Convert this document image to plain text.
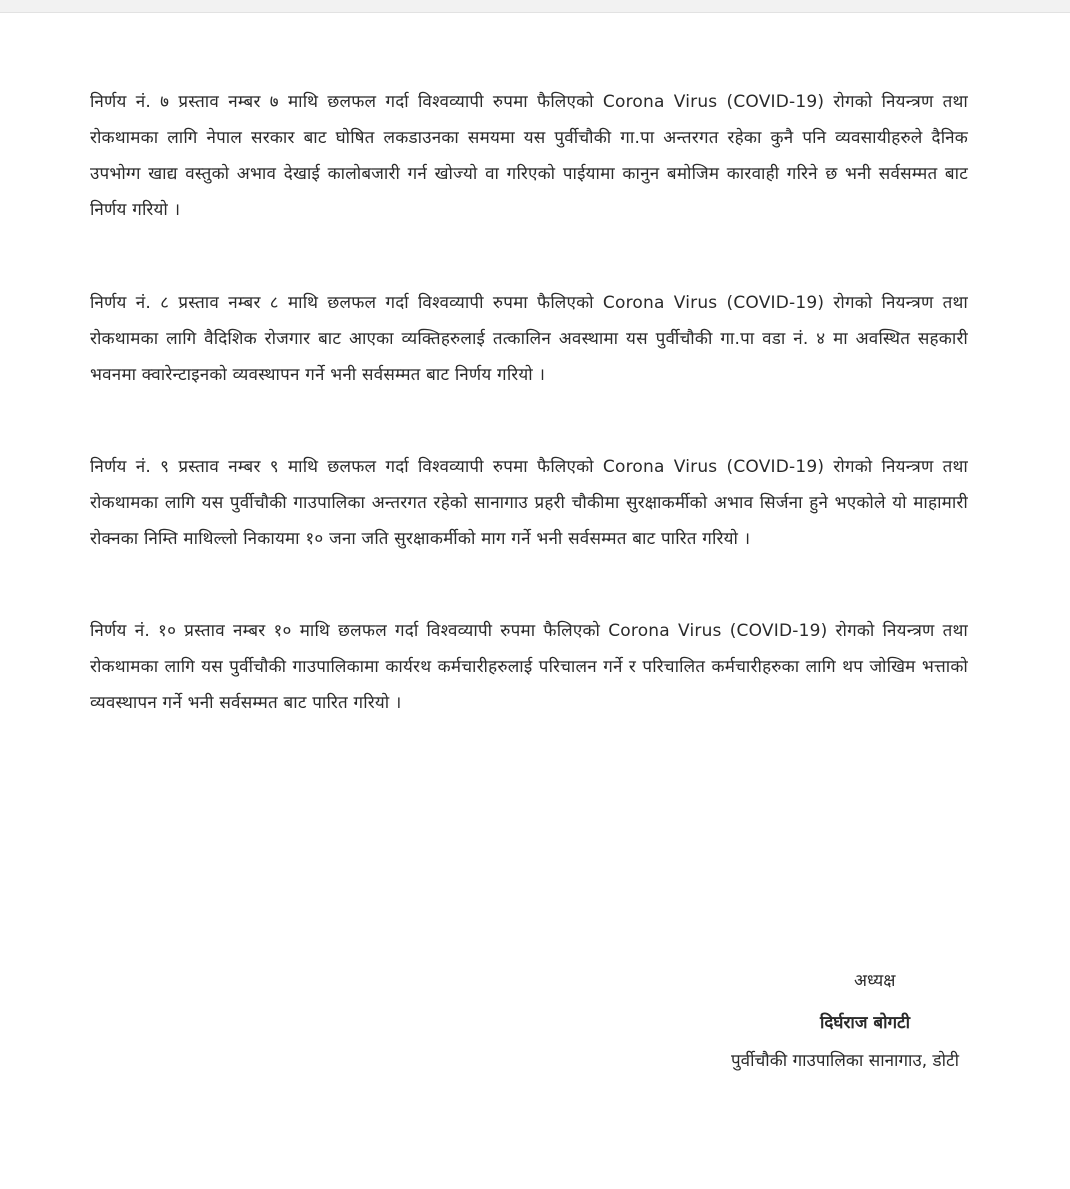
निर्णय नं. ७ प्रस्ताव नम्बर ७ माथि छलफल गर्दा विश्वव्यापी रुपमा फैलिएको Corona Virus (COVID-19) रोगको नियन्त्रण तथा रोकथामका लागि नेपाल सरकार बाट घोषित लकडाउनका समयमा यस पुर्वीचौकी गा.पा अन्तरगत रहेका कुनै पनि व्यवसायीहरुले दैनिक उपभोग्ग खाद्य वस्तुको अभाव देखाई कालोबजारी गर्न खोज्यो वा गरिएको पाईयामा कानुन बमोजिम कारवाही गरिने छ भनी सर्वसम्मत बाट निर्णय गरियो ।

निर्णय नं. ८ प्रस्ताव नम्बर ८ माथि छलफल गर्दा विश्वव्यापी रुपमा फैलिएको Corona Virus (COVID-19) रोगको नियन्त्रण तथा रोकथामका लागि वैदिशिक रोजगार बाट आएका व्यक्तिहरुलाई तत्कालिन अवस्थामा यस पुर्वीचौकी गा.पा वडा नं. ४ मा अवस्थित सहकारी भवनमा क्वारेन्टाइनको व्यवस्थापन गर्ने भनी सर्वसम्मत बाट निर्णय गरियो ।

निर्णय नं. ९ प्रस्ताव नम्बर ९ माथि छलफल गर्दा विश्वव्यापी रुपमा फैलिएको Corona Virus (COVID-19) रोगको नियन्त्रण तथा रोकथामका लागि यस पुर्वीचौकी गाउपालिका अन्तरगत रहेको सानागाउ प्रहरी चौकीमा सुरक्षाकर्मीको अभाव सिर्जना हुने भएकोले यो माहामारी रोक्नका निम्ति माथिल्लो निकायमा १० जना जति सुरक्षाकर्मीको माग गर्ने भनी सर्वसम्मत बाट पारित गरियो ।

निर्णय नं. १० प्रस्ताव नम्बर १० माथि छलफल गर्दा विश्वव्यापी रुपमा फैलिएको Corona Virus (COVID-19) रोगको नियन्त्रण तथा रोकथामका लागि यस पुर्वीचौकी गाउपालिकामा कार्यरथ कर्मचारीहरुलाई परिचालन गर्ने र परिचालित कर्मचारीहरुका लागि थप जोखिम भत्ताको व्यवस्थापन गर्ने भनी सर्वसम्मत बाट पारित गरियो ।

अध्यक्ष
दिर्घराज बोगटी
पुर्वीचौकी गाउपालिका सानागाउ, डोटी
